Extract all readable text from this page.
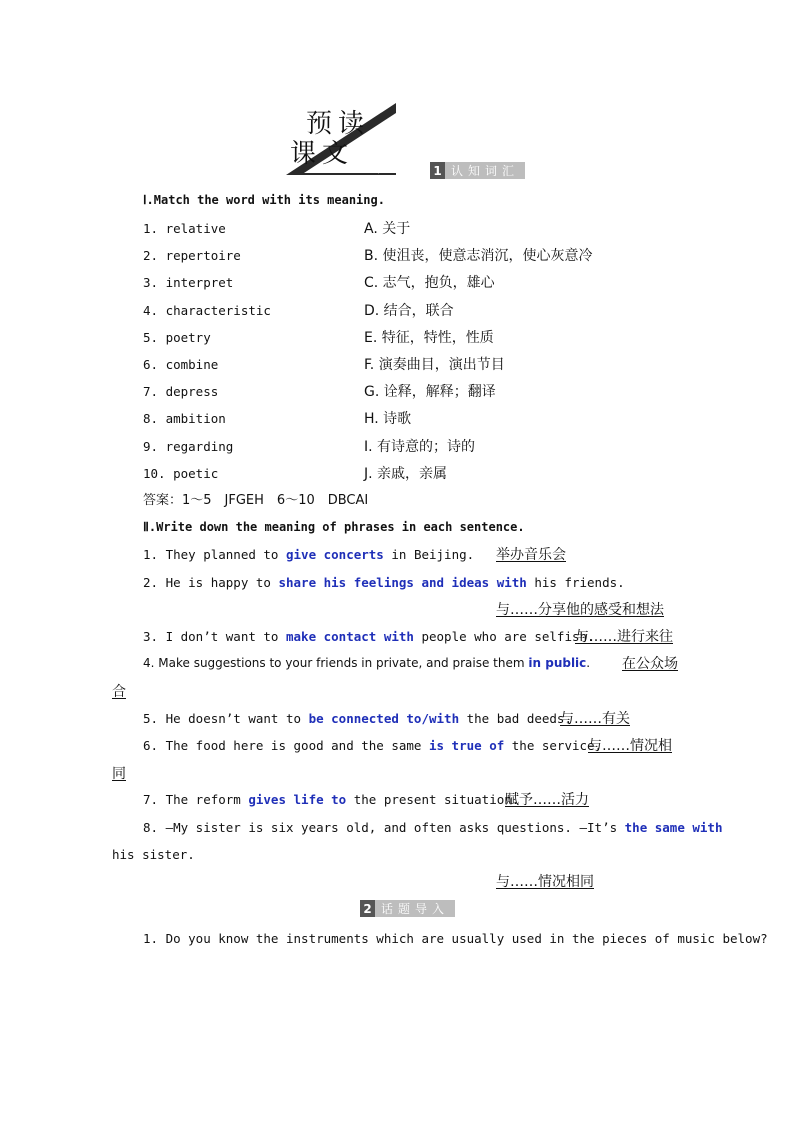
预读
课文 知识	1 认知词汇
Ⅰ.Match the word with its meaning.
1. relative	A. 关于
2. repertoire	B. 使沮丧，使意志消沉，使心灰意冷
3. interpret	C. 志气，抱负，雄心
4. characteristic	D. 结合，联合
5. poetry	E. 特征，特性，性质
6. combine	F. 演奏曲目，演出节目
7. depress	G. 诠释，解释；翻译
8. ambition	H. 诗歌
9. regarding	I. 有诗意的；诗的
10. poetic	J. 亲戚，亲属
答案：1～5　JFGEH　6～10　DBCAI
Ⅱ.Write down the meaning of phrases in each sentence.
1. They planned to give concerts in Beijing. 举办音乐会
2. He is happy to share his feelings and ideas with his friends.
与……分享他的感受和想法
3. I don’t want to make contact with people who are selfish.
与……进行来往
4. Make suggestions to your friends in private, and praise them in public. 在公众场
合
5. He doesn’t want to be connected to/with the bad deeds.
与……有关
6. The food here is good and the same is true of the service.
与……情况相
同
7. The reform gives life to the present situation.
赋予……活力
8. —My sister is six years old, and often asks questions. —It’s the same with
his sister.
与……情况相同
2 话题导入
1. Do you know the instruments which are usually used in the pieces of music below?
